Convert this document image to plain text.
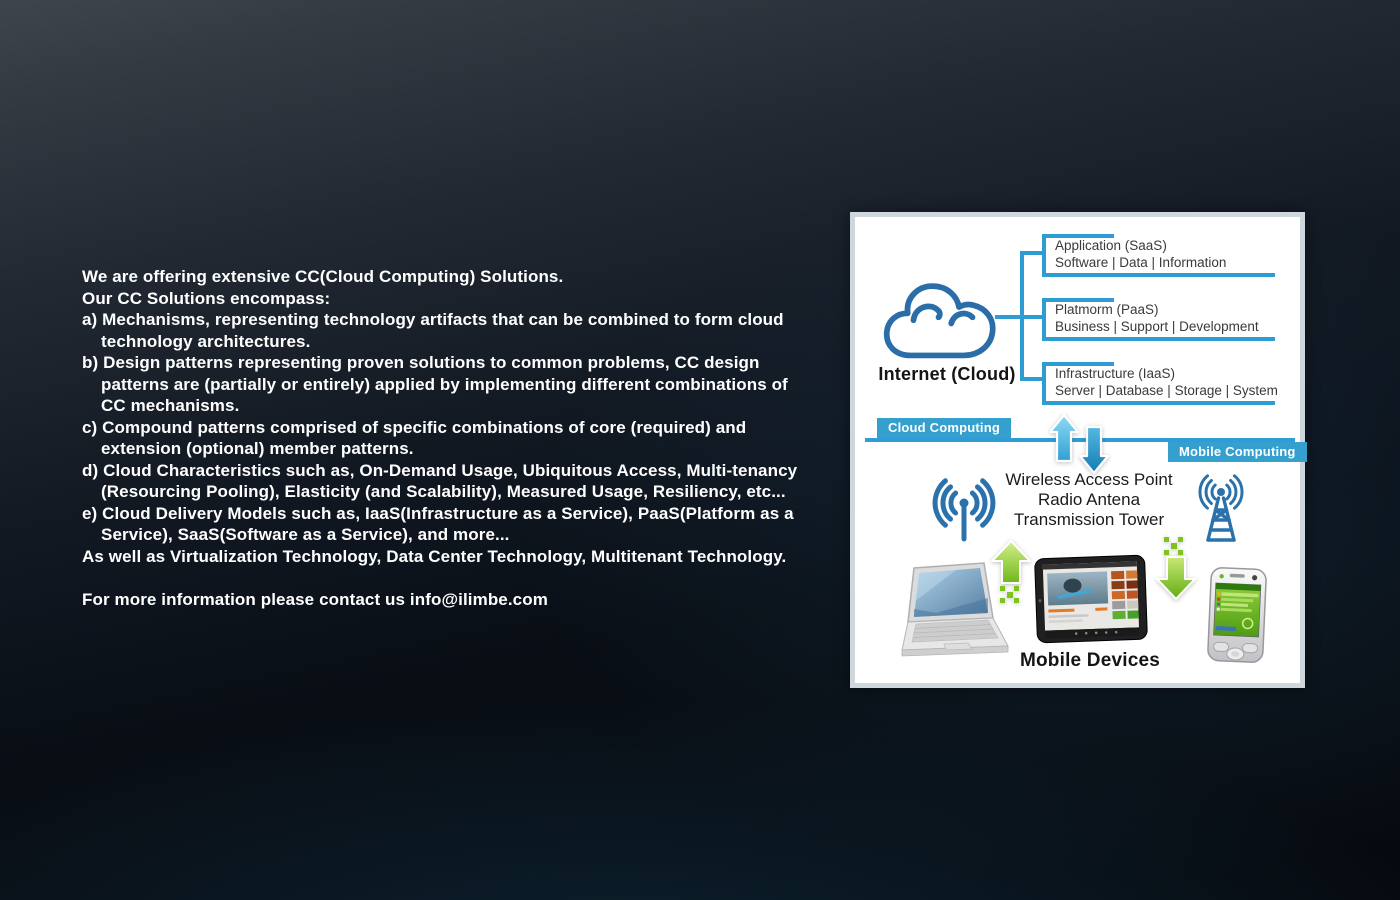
We are offering extensive CC(Cloud Computing) Solutions.
Our CC Solutions encompass:
a) Mechanisms, representing technology artifacts that can be combined to form cloud
technology architectures.
b) Design patterns representing proven solutions to common problems, CC design
patterns are (partially or entirely) applied by implementing different combinations of
CC mechanisms.
c) Compound patterns comprised of specific combinations of core (required) and
extension (optional) member patterns.
d) Cloud Characteristics such as, On-Demand Usage, Ubiquitous Access, Multi-tenancy
(Resourcing Pooling), Elasticity (and Scalability), Measured Usage, Resiliency, etc...
e) Cloud Delivery Models such as, IaaS(Infrastructure as a Service), PaaS(Platform as a
Service), SaaS(Software as a Service), and more...
As well as Virtualization Technology, Data Center Technology, Multitenant Technology.
For more information please contact us info@ilimbe.com
Internet (Cloud)
Application (SaaS)
Software | Data | Information
Platmorm (PaaS)
Business | Support | Development
Infrastructure (IaaS)
Server | Database | Storage | System
Cloud Computing
Mobile Computing
Wireless Access Point
Radio Antena
Transmission Tower
Mobile Devices
